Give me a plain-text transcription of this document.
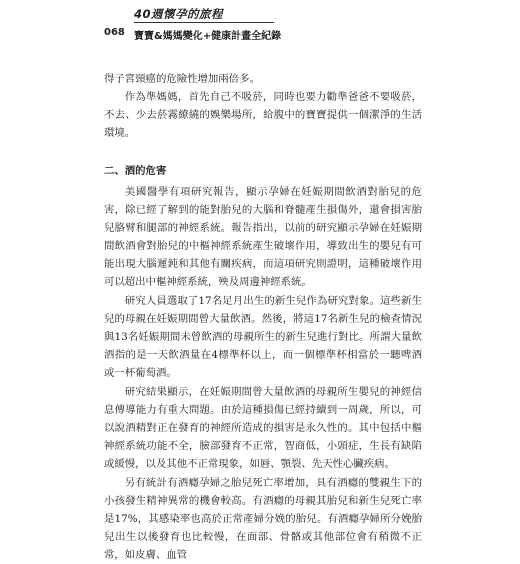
40週懷孕的旅程
068 寶寶&媽媽變化+健康計畫全紀錄

得子宮頸癌的危險性增加兩倍多。

作為準媽媽，首先自己不吸菸，同時也要力勸準爸爸不要吸菸，不去、少去菸霧繚繞的娛樂場所，給腹中的寶寶提供一個潔淨的生活環境。

二、酒的危害

美國醫學有項研究報告，顯示孕婦在妊娠期間飲酒對胎兒的危害，除已經了解到的能對胎兒的大腦和脊髓產生損傷外，還會損害胎兒胳臂和腿部的神經系統。報告指出，以前的研究顯示孕婦在妊娠期間飲酒會對胎兒的中樞神經系統產生破壞作用，導致出生的嬰兒有可能出現大腦遲鈍和其他有關疾病，而這項研究則證明，這種破壞作用可以超出中樞神經系統，殃及周邊神經系統。

研究人員選取了17名足月出生的新生兒作為研究對象。這些新生兒的母親在妊娠期間曾大量飲酒。然後，將這17名新生兒的檢查情況與13名妊娠期間未曾飲酒的母親所生的新生兒進行對比。所謂大量飲酒指的是一天飲酒量在4標準杯以上，而一個標準杯相當於一聽啤酒或一杯葡萄酒。

研究結果顯示，在妊娠期間曾大量飲酒的母親所生嬰兒的神經信息傳導能力有重大問題。由於這種損傷已經持續到一周歲，所以，可以說酒精對正在發育的神經所造成的損害是永久性的。其中包括中樞神經系統功能不全，臉部發育不正常，智商低，小頭症，生長有缺陷或緩慢，以及其他不正常現象，如唇、顎裂、先天性心臟疾病。

另有統計有酒癮孕婦之胎兒死亡率增加，具有酒癮的雙親生下的小孩發生精神異常的機會較高。有酒癮的母親其胎兒和新生兒死亡率是17%，其感染率也高於正常產婦分娩的胎兒。有酒癮孕婦所分娩胎兒出生以後發育也比較慢，在面部、骨骼或其他部位會有稍微不正常，如皮膚、血管
